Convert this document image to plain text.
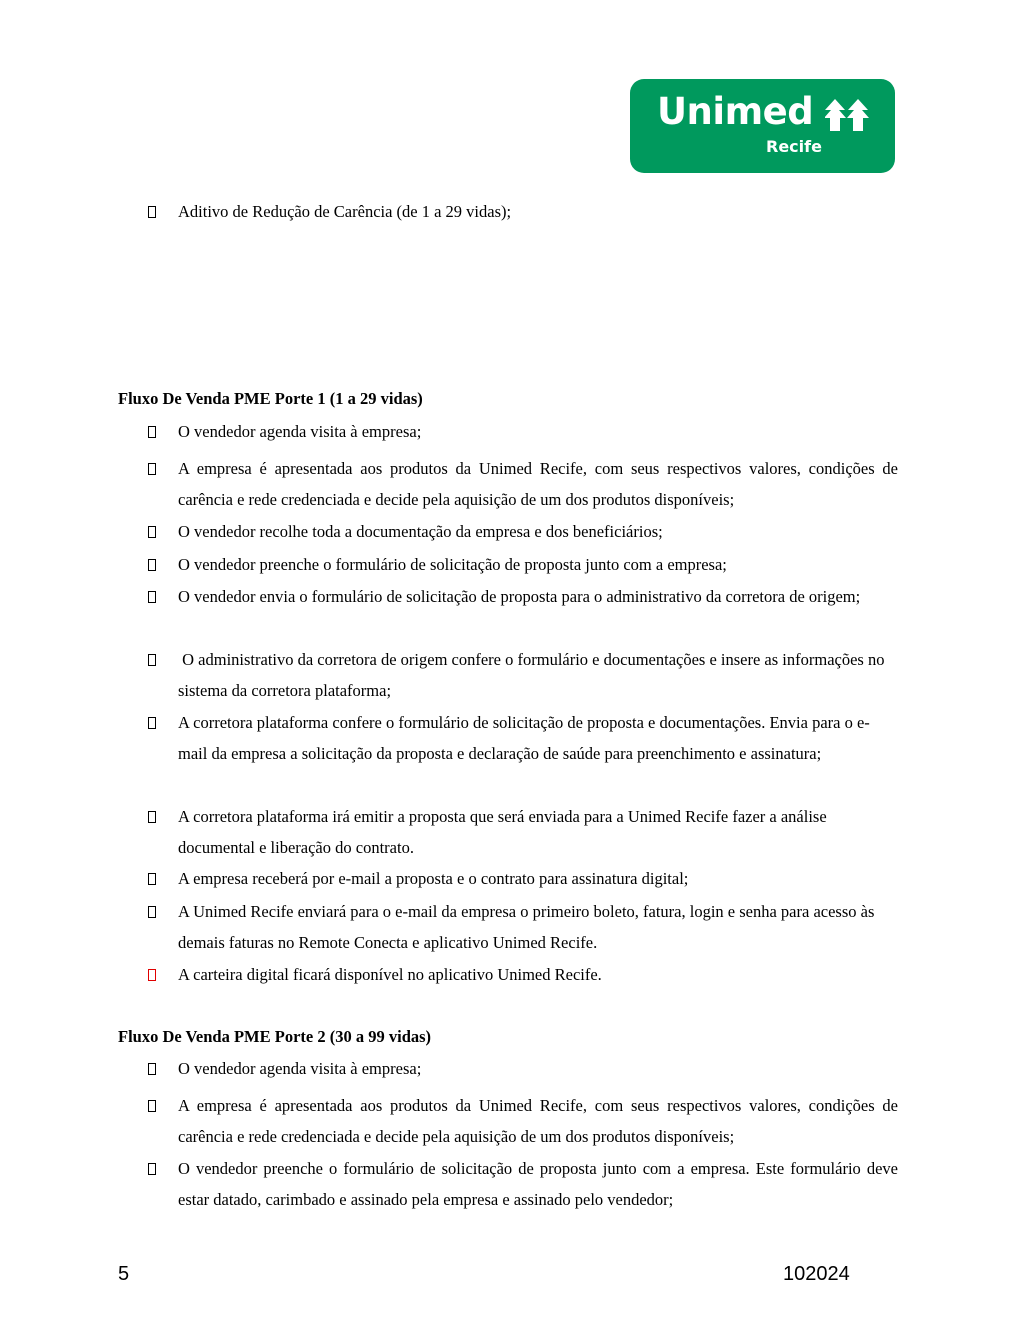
Unimed
Recife
Aditivo de Redução de Carência (de 1 a 29 vidas);
Fluxo De Venda PME Porte 1 (1 a 29 vidas)
O vendedor agenda visita à empresa;
A empresa é apresentada aos produtos da Unimed Recife, com seus respectivos valores, condições de carência e rede credenciada e decide pela aquisição de um dos produtos disponíveis;
O vendedor recolhe toda a documentação da empresa e dos beneficiários;
O vendedor preenche o formulário de solicitação de proposta junto com a empresa;
O vendedor envia o formulário de solicitação de proposta para o administrativo da corretora de origem;
O administrativo da corretora de origem confere o formulário e documentações e insere as informações no sistema da corretora plataforma;
A corretora plataforma confere o formulário de solicitação de proposta e documentações. Envia para o e-mail da empresa a solicitação da proposta e declaração de saúde para preenchimento e assinatura;
A corretora plataforma irá emitir a proposta que será enviada para a Unimed Recife fazer a análise documental e liberação do contrato.
A empresa receberá por e-mail a proposta e o contrato para assinatura digital;
A Unimed Recife enviará para o e-mail da empresa o primeiro boleto, fatura, login e senha para acesso às demais faturas no Remote Conecta e aplicativo Unimed Recife.
A carteira digital ficará disponível no aplicativo Unimed Recife.
Fluxo De Venda PME Porte 2 (30 a 99 vidas)
O vendedor agenda visita à empresa;
A empresa é apresentada aos produtos da Unimed Recife, com seus respectivos valores, condições de carência e rede credenciada e decide pela aquisição de um dos produtos disponíveis;
O vendedor preenche o formulário de solicitação de proposta junto com a empresa. Este formulário deve estar datado, carimbado e assinado pela empresa e assinado pelo vendedor;
5	102024
